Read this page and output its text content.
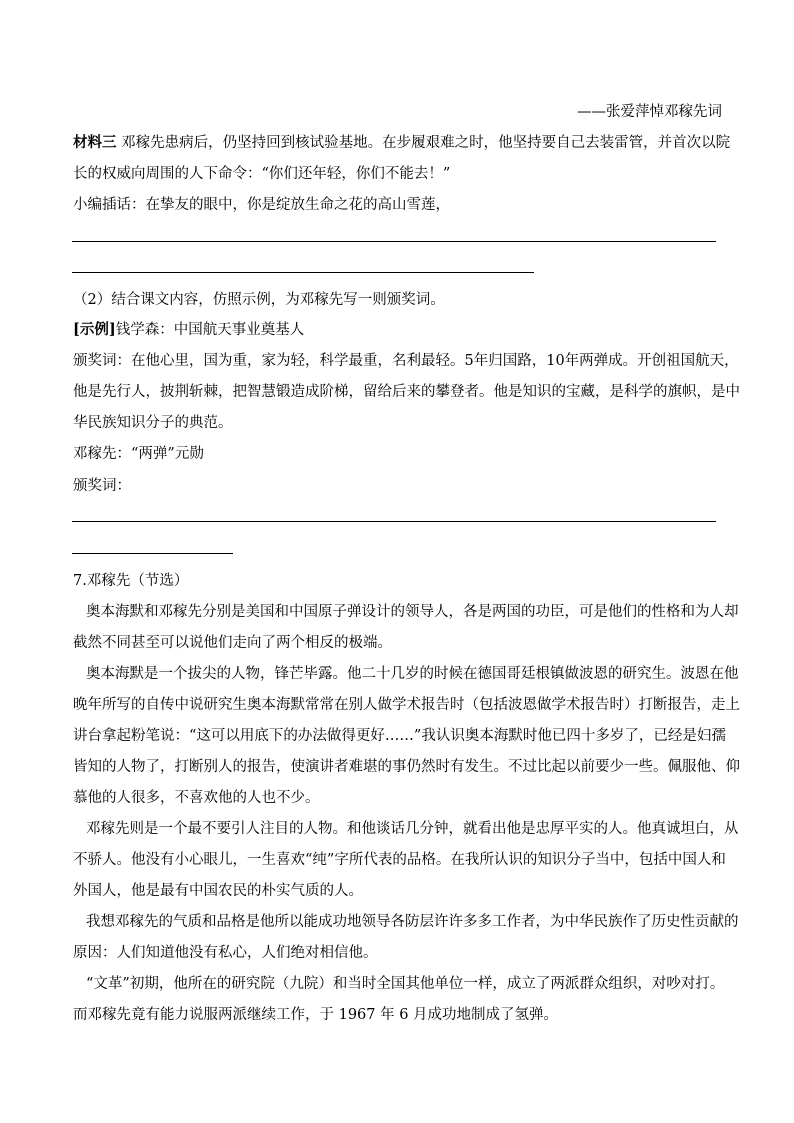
——张爱萍悼邓稼先词
材料三 邓稼先患病后，仍坚持回到核试验基地。在步履艰难之时，他坚持要自己去装雷管，并首次以院
长的权威向周围的人下命令：“你们还年轻，你们不能去！”
小编插话：在挚友的眼中，你是绽放生命之花的高山雪莲，
（2）结合课文内容，仿照示例，为邓稼先写一则颁奖词。
[示例]钱学森：中国航天事业奠基人
颁奖词：在他心里，国为重，家为轻，科学最重，名利最轻。5年归国路，10年两弹成。开创祖国航天，
他是先行人，披荆斩棘，把智慧锻造成阶梯，留给后来的攀登者。他是知识的宝藏，是科学的旗帜，是中
华民族知识分子的典范。
邓稼先：“两弹”元勋
颁奖词：
7.邓稼先（节选）
奥本海默和邓稼先分别是美国和中国原子弹设计的领导人，各是两国的功臣，可是他们的性格和为人却
截然不同甚至可以说他们走向了两个相反的极端。
奥本海默是一个拔尖的人物，锋芒毕露。他二十几岁的时候在德国哥廷根镇做波恩的研究生。波恩在他
晚年所写的自传中说研究生奥本海默常常在别人做学术报告时（包括波恩做学术报告时）打断报告，走上
讲台拿起粉笔说：“这可以用底下的办法做得更好……”我认识奥本海默时他已四十多岁了，已经是妇孺
皆知的人物了，打断别人的报告，使演讲者难堪的事仍然时有发生。不过比起以前要少一些。佩服他、仰
慕他的人很多，不喜欢他的人也不少。
邓稼先则是一个最不要引人注目的人物。和他谈话几分钟，就看出他是忠厚平实的人。他真诚坦白，从
不骄人。他没有小心眼儿，一生喜欢“纯”字所代表的品格。在我所认识的知识分子当中，包括中国人和
外国人，他是最有中国农民的朴实气质的人。
我想邓稼先的气质和品格是他所以能成功地领导各防层许许多多工作者，为中华民族作了历史性贡献的
原因：人们知道他没有私心，人们绝对相信他。
“文革”初期，他所在的研究院（九院）和当时全国其他单位一样，成立了两派群众组织，对吵对打。
而邓稼先竟有能力说服两派继续工作，于 1967 年 6 月成功地制成了氢弹。
